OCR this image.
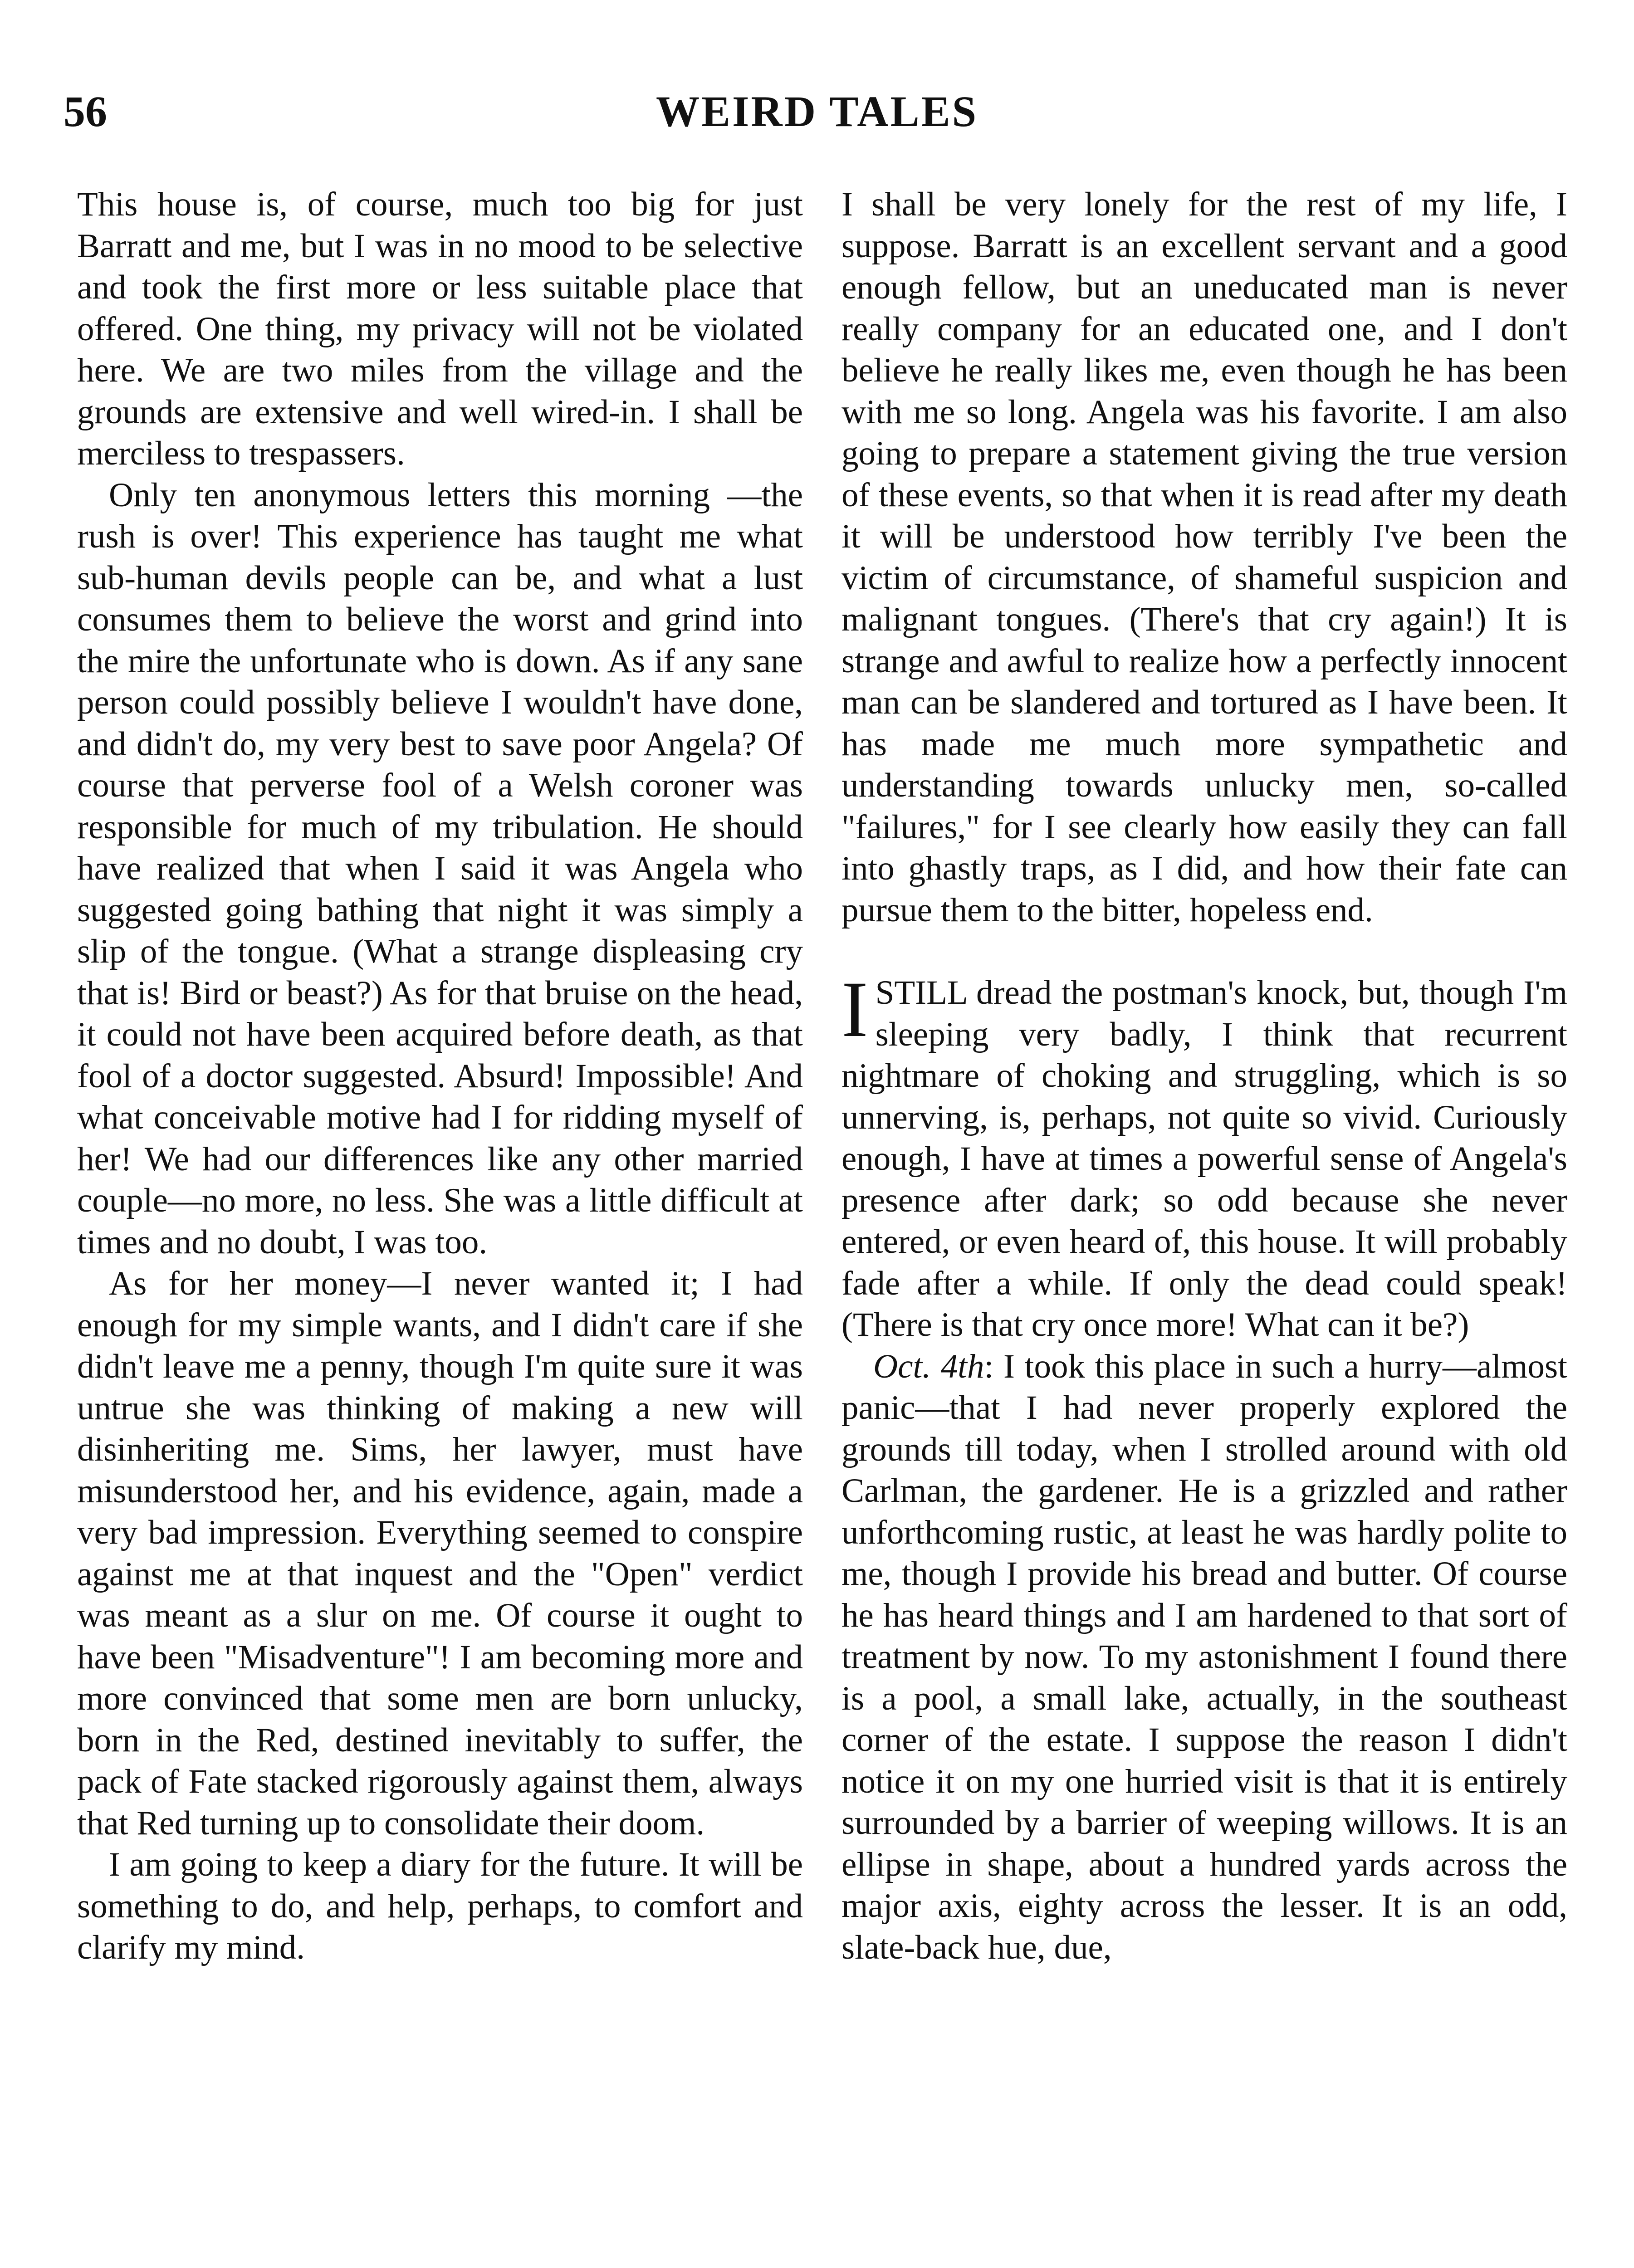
56	WEIRD TALES

This house is, of course, much too big for just Barratt and me, but I was in no mood to be selective and took the first more or less suitable place that offered. One thing, my privacy will not be violated here. We are two miles from the village and the grounds are extensive and well wired-in. I shall be merciless to trespassers.

Only ten anonymous letters this morning —the rush is over! This experience has taught me what sub-human devils people can be, and what a lust consumes them to believe the worst and grind into the mire the unfortunate who is down. As if any sane person could possibly believe I wouldn't have done, and didn't do, my very best to save poor Angela? Of course that perverse fool of a Welsh coroner was responsible for much of my tribulation. He should have realized that when I said it was Angela who suggested going bathing that night it was simply a slip of the tongue. (What a strange displeasing cry that is! Bird or beast?) As for that bruise on the head, it could not have been acquired before death, as that fool of a doctor suggested. Absurd! Impossible! And what conceivable motive had I for ridding myself of her! We had our differences like any other married couple—no more, no less. She was a little difficult at times and no doubt, I was too.

As for her money—I never wanted it; I had enough for my simple wants, and I didn't care if she didn't leave me a penny, though I'm quite sure it was untrue she was thinking of making a new will disinheriting me. Sims, her lawyer, must have misunderstood her, and his evidence, again, made a very bad impression. Everything seemed to conspire against me at that inquest and the "Open" verdict was meant as a slur on me. Of course it ought to have been "Misadventure"! I am becoming more and more convinced that some men are born unlucky, born in the Red, destined inevitably to suffer, the pack of Fate stacked rigorously against them, always that Red turning up to consolidate their doom.

I am going to keep a diary for the future. It will be something to do, and help, perhaps, to comfort and clarify my mind.

I shall be very lonely for the rest of my life, I suppose. Barratt is an excellent servant and a good enough fellow, but an uneducated man is never really company for an educated one, and I don't believe he really likes me, even though he has been with me so long. Angela was his favorite. I am also going to prepare a statement giving the true version of these events, so that when it is read after my death it will be understood how terribly I've been the victim of circumstance, of shameful suspicion and malignant tongues. (There's that cry again!) It is strange and awful to realize how a perfectly innocent man can be slandered and tortured as I have been. It has made me much more sympathetic and understanding towards unlucky men, so-called "failures," for I see clearly how easily they can fall into ghastly traps, as I did, and how their fate can pursue them to the bitter, hopeless end.

ISTILL dread the postman's knock, but, though I'm sleeping very badly, I think that recurrent nightmare of choking and struggling, which is so unnerving, is, perhaps, not quite so vivid. Curiously enough, I have at times a powerful sense of Angela's presence after dark; so odd because she never entered, or even heard of, this house. It will probably fade after a while. If only the dead could speak! (There is that cry once more! What can it be?)

Oct. 4th: I took this place in such a hurry—almost panic—that I had never properly explored the grounds till today, when I strolled around with old Carlman, the gardener. He is a grizzled and rather unforthcoming rustic, at least he was hardly polite to me, though I provide his bread and butter. Of course he has heard things and I am hardened to that sort of treatment by now. To my astonishment I found there is a pool, a small lake, actually, in the southeast corner of the estate. I suppose the reason I didn't notice it on my one hurried visit is that it is entirely surrounded by a barrier of weeping willows. It is an ellipse in shape, about a hundred yards across the major axis, eighty across the lesser. It is an odd, slate-back hue, due,
